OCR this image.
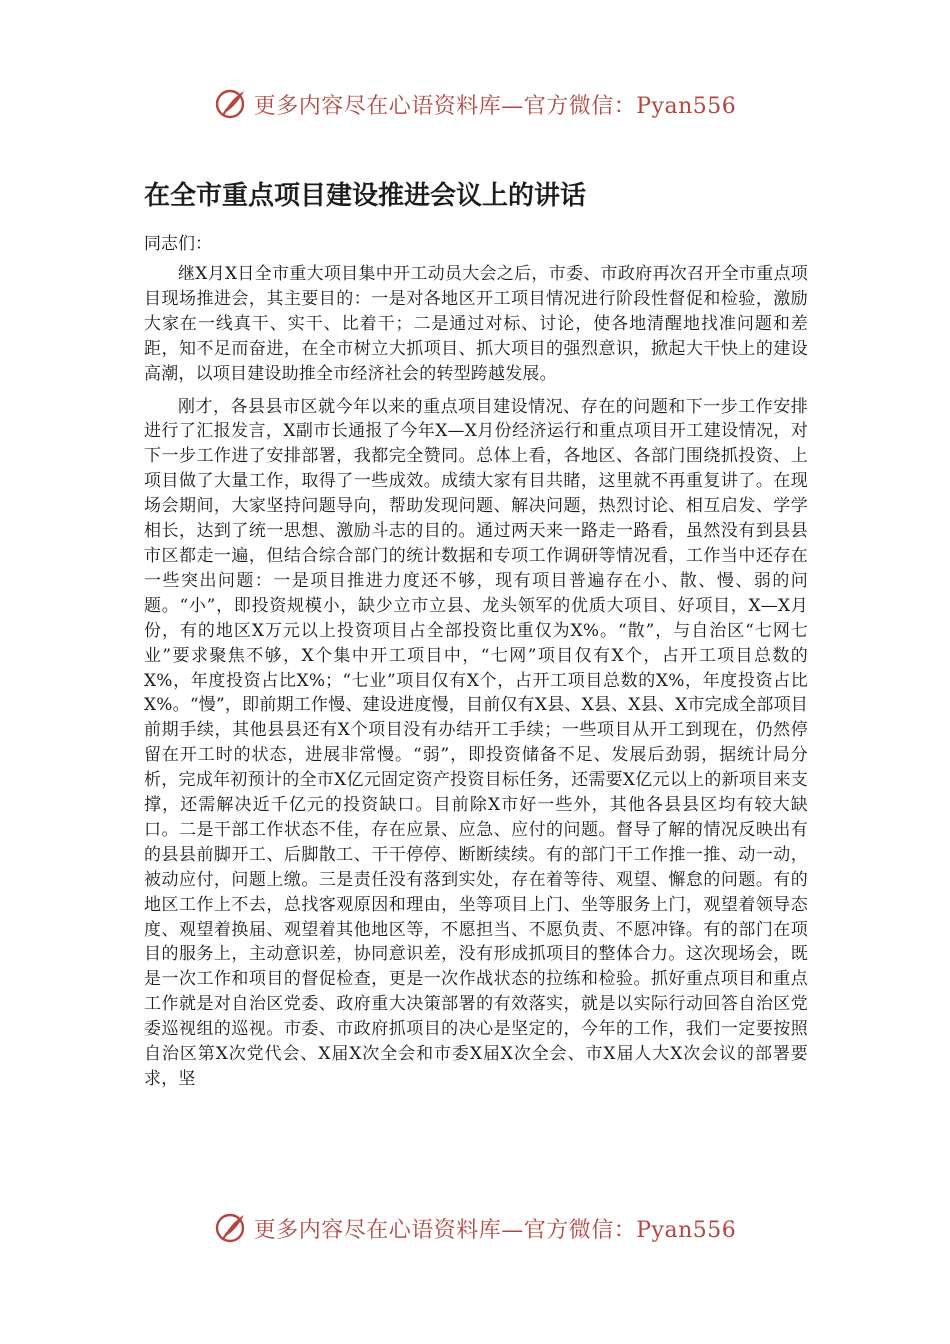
更多内容尽在心语资料库—官方微信：Pyan556
在全市重点项目建设推进会议上的讲话

同志们：

继X月X日全市重大项目集中开工动员大会之后，市委、市政府再次召开全市重点项目现场推进会，其主要目的：一是对各地区开工项目情况进行阶段性督促和检验，激励大家在一线真干、实干、比着干；二是通过对标、讨论，使各地清醒地找准问题和差距，知不足而奋进，在全市树立大抓项目、抓大项目的强烈意识，掀起大干快上的建设高潮，以项目建设助推全市经济社会的转型跨越发展。

刚才，各县县市区就今年以来的重点项目建设情况、存在的问题和下一步工作安排进行了汇报发言，X副市长通报了今年X—X月份经济运行和重点项目开工建设情况，对下一步工作进了安排部署，我都完全赞同。总体上看，各地区、各部门围绕抓投资、上项目做了大量工作，取得了一些成效。成绩大家有目共睹，这里就不再重复讲了。在现场会期间，大家坚持问题导向，帮助发现问题、解决问题，热烈讨论、相互启发、学学相长，达到了统一思想、激励斗志的目的。通过两天来一路走一路看，虽然没有到县县市区都走一遍，但结合综合部门的统计数据和专项工作调研等情况看，工作当中还存在一些突出问题：一是项目推进力度还不够，现有项目普遍存在小、散、慢、弱的问题。“小”，即投资规模小，缺少立市立县、龙头领军的优质大项目、好项目，X—X月份，有的地区X万元以上投资项目占全部投资比重仅为X%。“散”，与自治区“七网七业”要求聚焦不够，X个集中开工项目中，“七网”项目仅有X个，占开工项目总数的X%，年度投资占比X%；“七业”项目仅有X个，占开工项目总数的X%，年度投资占比X%。“慢”，即前期工作慢、建设进度慢，目前仅有X县、X县、X县、X市完成全部项目前期手续，其他县县还有X个项目没有办结开工手续；一些项目从开工到现在，仍然停留在开工时的状态，进展非常慢。“弱”，即投资储备不足、发展后劲弱，据统计局分析，完成年初预计的全市X亿元固定资产投资目标任务，还需要X亿元以上的新项目来支撑，还需解决近千亿元的投资缺口。目前除X市好一些外，其他各县县区均有较大缺口。二是干部工作状态不佳，存在应景、应急、应付的问题。督导了解的情况反映出有的县县前脚开工、后脚散工、干干停停、断断续续。有的部门干工作推一推、动一动，被动应付，问题上缴。三是责任没有落到实处，存在着等待、观望、懈怠的问题。有的地区工作上不去，总找客观原因和理由，坐等项目上门、坐等服务上门，观望着领导态度、观望着换届、观望着其他地区等，不愿担当、不愿负责、不愿冲锋。有的部门在项目的服务上，主动意识差，协同意识差，没有形成抓项目的整体合力。这次现场会，既是一次工作和项目的督促检查，更是一次作战状态的拉练和检验。抓好重点项目和重点工作就是对自治区党委、政府重大决策部署的有效落实，就是以实际行动回答自治区党委巡视组的巡视。市委、市政府抓项目的决心是坚定的，今年的工作，我们一定要按照自治区第X次党代会、X届X次全会和市委X届X次全会、市X届人大X次会议的部署要求，坚

更多内容尽在心语资料库—官方微信：Pyan556
